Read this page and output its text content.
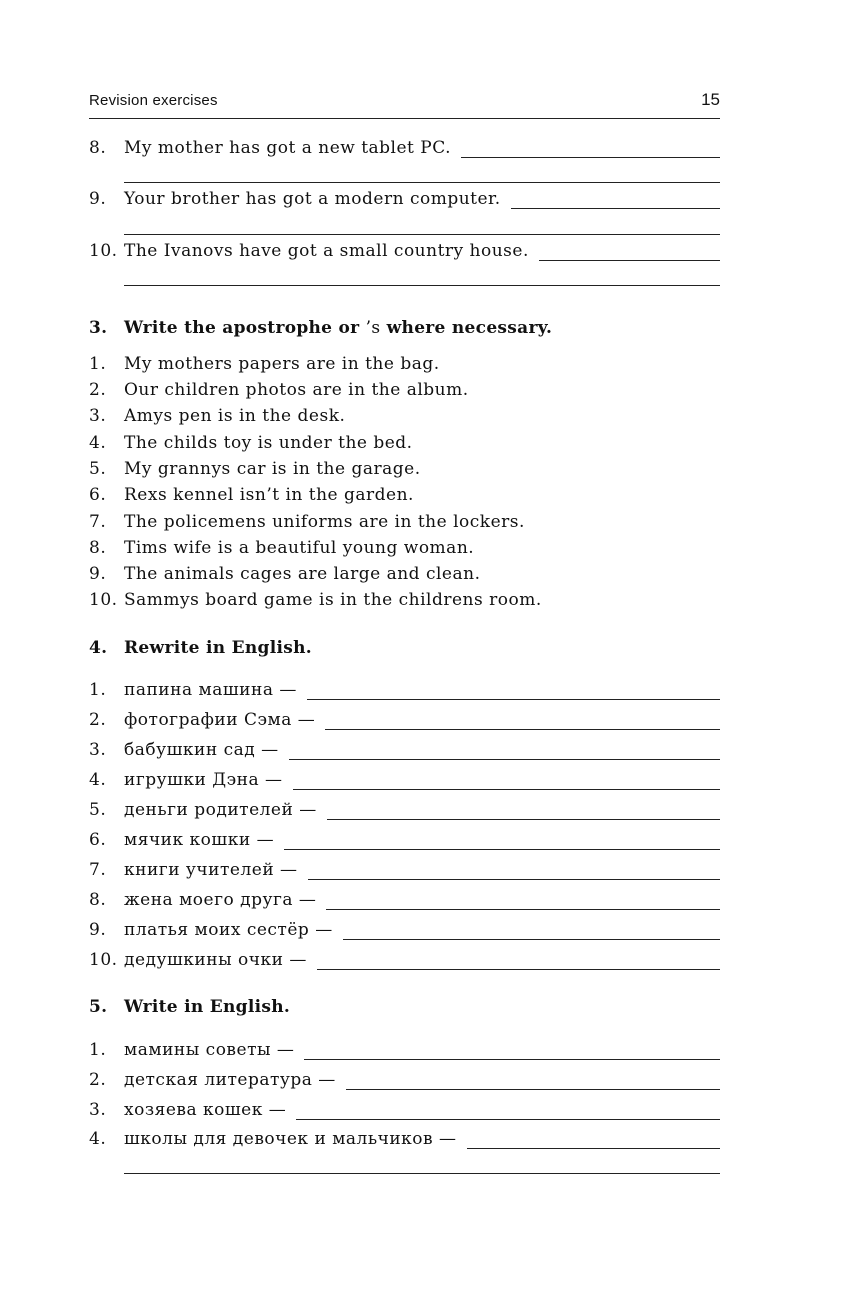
Revision exercises	15
8. My mother has got a new tablet PC.
9. Your brother has got a modern computer.
10. The Ivanovs have got a small country house.
3. Write the apostrophe or ’s where necessary.
1. My mothers papers are in the bag.
2. Our children photos are in the album.
3. Amys pen is in the desk.
4. The childs toy is under the bed.
5. My grannys car is in the garage.
6. Rexs kennel isn’t in the garden.
7. The policemens uniforms are in the lockers.
8. Tims wife is a beautiful young woman.
9. The animals cages are large and clean.
10. Sammys board game is in the childrens room.
4. Rewrite in English.
1. папина машина —
2. фотографии Сэма —
3. бабушкин сад —
4. игрушки Дэна —
5. деньги родителей —
6. мячик кошки —
7. книги учителей —
8. жена моего друга —
9. платья моих сестёр —
10. дедушкины очки —
5. Write in English.
1. мамины советы —
2. детская литература —
3. хозяева кошек —
4. школы для девочек и мальчиков —
